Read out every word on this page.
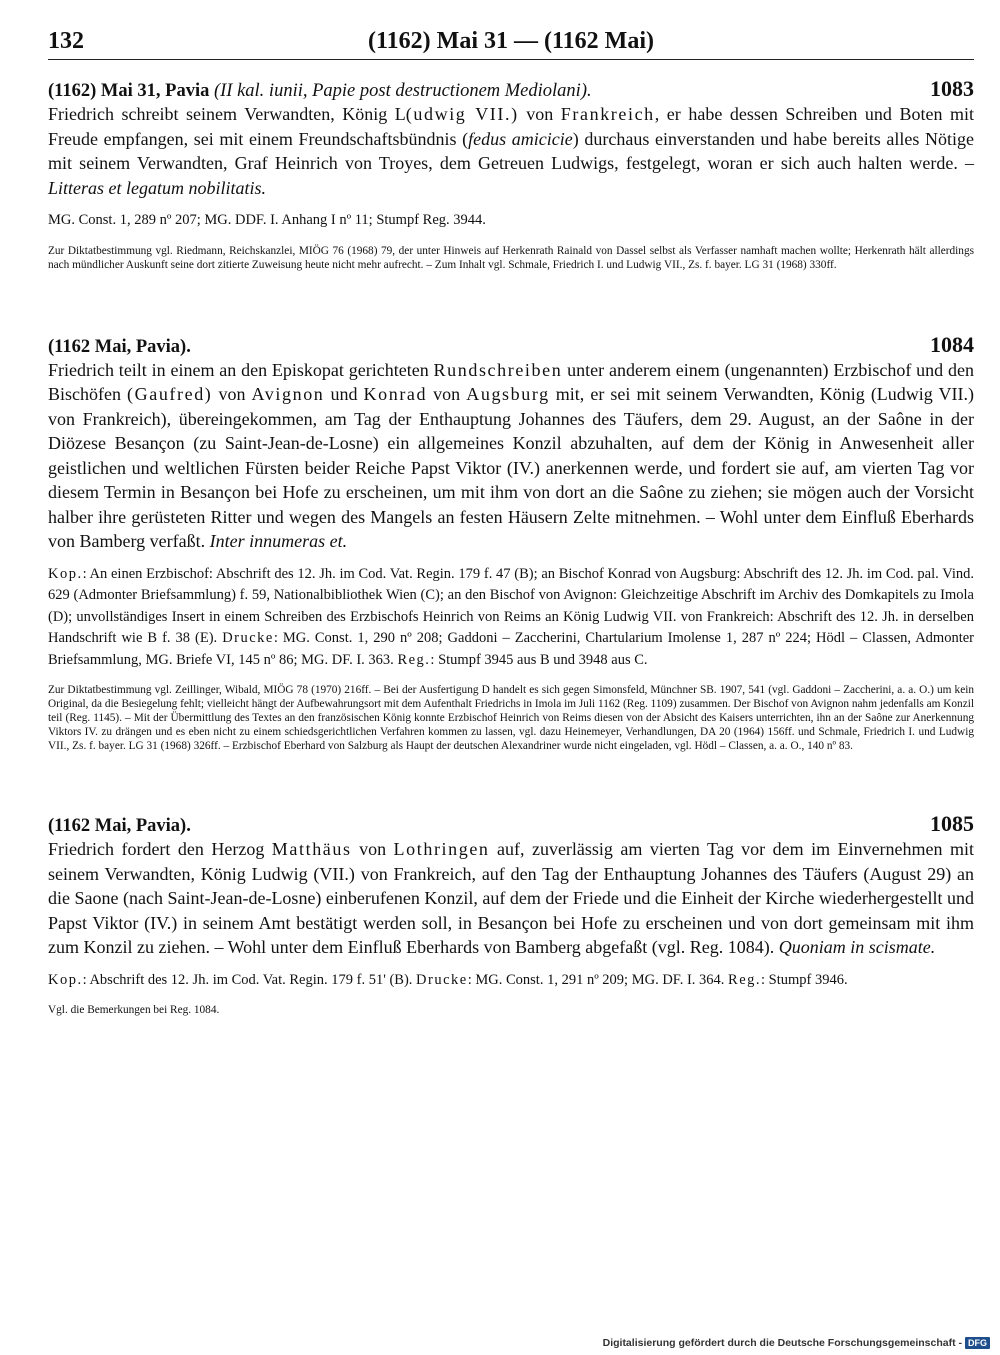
132	(1162) Mai 31 — (1162 Mai)
(1162) Mai 31, Pavia (II kal. iunii, Papie post destructionem Mediolani).	1083

Friedrich schreibt seinem Verwandten, König L(udwig VII.) von Frankreich, er habe dessen Schreiben und Boten mit Freude empfangen, sei mit einem Freundschaftsbündnis (fedus amicicie) durchaus einverstanden und habe bereits alles Nötige mit seinem Verwandten, Graf Heinrich von Troyes, dem Getreuen Ludwigs, festgelegt, woran er sich auch halten werde. – Litteras et legatum nobilitatis.

MG. Const. 1, 289 nº 207; MG. DDF. I. Anhang I nº 11; Stumpf Reg. 3944.

Zur Diktatbestimmung vgl. Riedmann, Reichskanzlei, MIÖG 76 (1968) 79, der unter Hinweis auf Herkenrath Rainald von Dassel selbst als Verfasser namhaft machen wollte; Herkenrath hält allerdings nach mündlicher Auskunft seine dort zitierte Zuweisung heute nicht mehr aufrecht. – Zum Inhalt vgl. Schmale, Friedrich I. und Ludwig VII., Zs. f. bayer. LG 31 (1968) 330ff.

(1162 Mai, Pavia).	1084

Friedrich teilt in einem an den Episkopat gerichteten Rundschreiben unter anderem einem (ungenannten) Erzbischof und den Bischöfen (Gaufred) von Avignon und Konrad von Augsburg mit, er sei mit seinem Verwandten, König (Ludwig VII.) von Frankreich), übereingekommen, am Tag der Enthauptung Johannes des Täufers, dem 29. August, an der Saône in der Diözese Besançon (zu Saint-Jean-de-Losne) ein allgemeines Konzil abzuhalten, auf dem der König in Anwesenheit aller geistlichen und weltlichen Fürsten beider Reiche Papst Viktor (IV.) anerkennen werde, und fordert sie auf, am vierten Tag vor diesem Termin in Besançon bei Hofe zu erscheinen, um mit ihm von dort an die Saône zu ziehen; sie mögen auch der Vorsicht halber ihre gerüsteten Ritter und wegen des Mangels an festen Häusern Zelte mitnehmen. – Wohl unter dem Einfluß Eberhards von Bamberg verfaßt. Inter innumeras et.

Kop.: An einen Erzbischof: Abschrift des 12. Jh. im Cod. Vat. Regin. 179 f. 47 (B); an Bischof Konrad von Augsburg: Abschrift des 12. Jh. im Cod. pal. Vind. 629 (Admonter Briefsammlung) f. 59, Nationalbibliothek Wien (C); an den Bischof von Avignon: Gleichzeitige Abschrift im Archiv des Domkapitels zu Imola (D); unvollständiges Insert in einem Schreiben des Erzbischofs Heinrich von Reims an König Ludwig VII. von Frankreich: Abschrift des 12. Jh. in derselben Handschrift wie B f. 38 (E). Drucke: MG. Const. 1, 290 nº 208; Gaddoni – Zaccherini, Chartularium Imolense 1, 287 nº 224; Hödl – Classen, Admonter Briefsammlung, MG. Briefe VI, 145 nº 86; MG. DF. I. 363. Reg.: Stumpf 3945 aus B und 3948 aus C.

Zur Diktatbestimmung vgl. Zeillinger, Wibald, MIÖG 78 (1970) 216ff. – Bei der Ausfertigung D handelt es sich gegen Simonsfeld, Münchner SB. 1907, 541 (vgl. Gaddoni – Zaccherini, a. a. O.) um kein Original, da die Besiegelung fehlt; vielleicht hängt der Aufbewahrungsort mit dem Aufenthalt Friedrichs in Imola im Juli 1162 (Reg. 1109) zusammen. Der Bischof von Avignon nahm jedenfalls am Konzil teil (Reg. 1145). – Mit der Übermittlung des Textes an den französischen König konnte Erzbischof Heinrich von Reims diesen von der Absicht des Kaisers unterrichten, ihn an der Saône zur Anerkennung Viktors IV. zu drängen und es eben nicht zu einem schiedsgerichtlichen Verfahren kommen zu lassen, vgl. dazu Heinemeyer, Verhandlungen, DA 20 (1964) 156ff. und Schmale, Friedrich I. und Ludwig VII., Zs. f. bayer. LG 31 (1968) 326ff. – Erzbischof Eberhard von Salzburg als Haupt der deutschen Alexandriner wurde nicht eingeladen, vgl. Hödl – Classen, a. a. O., 140 nº 83.

(1162 Mai, Pavia).	1085

Friedrich fordert den Herzog Matthäus von Lothringen auf, zuverlässig am vierten Tag vor dem im Einvernehmen mit seinem Verwandten, König Ludwig (VII.) von Frankreich, auf den Tag der Enthauptung Johannes des Täufers (August 29) an die Saone (nach Saint-Jean-de-Losne) einberufenen Konzil, auf dem der Friede und die Einheit der Kirche wiederhergestellt und Papst Viktor (IV.) in seinem Amt bestätigt werden soll, in Besançon bei Hofe zu erscheinen und von dort gemeinsam mit ihm zum Konzil zu ziehen. – Wohl unter dem Einfluß Eberhards von Bamberg abgefaßt (vgl. Reg. 1084). Quoniam in scismate.

Kop.: Abschrift des 12. Jh. im Cod. Vat. Regin. 179 f. 51' (B). Drucke: MG. Const. 1, 291 nº 209; MG. DF. I. 364. Reg.: Stumpf 3946.

Vgl. die Bemerkungen bei Reg. 1084.

Digitalisierung gefördert durch die Deutsche Forschungsgemeinschaft - DFG
